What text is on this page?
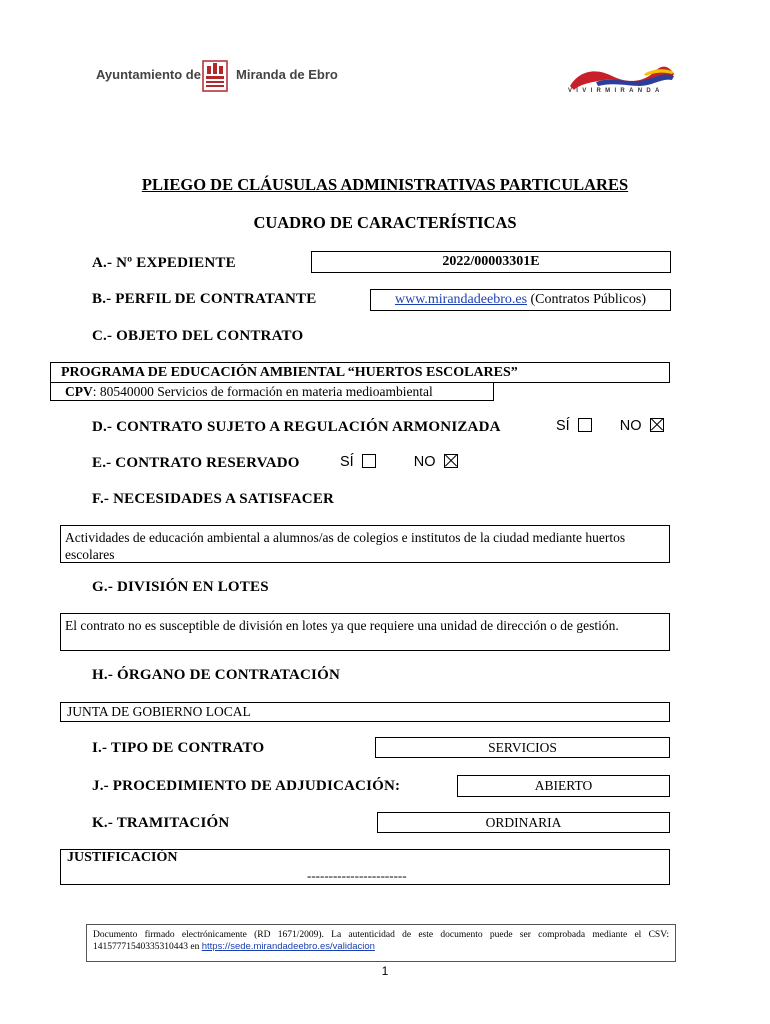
Ayuntamiento de	Miranda de Ebro
VIVIRMIRANDA
PLIEGO DE CLÁUSULAS ADMINISTRATIVAS PARTICULARES
CUADRO DE CARACTERÍSTICAS
A.- Nº EXPEDIENTE	2022/00003301E
B.- PERFIL DE CONTRATANTE	www.mirandadeebro.es (Contratos Públicos)
C.- OBJETO DEL CONTRATO
PROGRAMA DE EDUCACIÓN AMBIENTAL “HUERTOS ESCOLARES”
CPV: 80540000 Servicios de formación en materia medioambiental
D.- CONTRATO SUJETO A REGULACIÓN ARMONIZADA	SÍ	NO
E.- CONTRATO RESERVADO	SÍ	NO
F.- NECESIDADES A SATISFACER
Actividades de educación ambiental a alumnos/as de colegios e institutos de la ciudad mediante huertos escolares
G.- DIVISIÓN EN LOTES
El contrato no es susceptible de división en lotes ya que requiere una unidad de dirección o de gestión.
H.- ÓRGANO DE CONTRATACIÓN
JUNTA DE GOBIERNO LOCAL
I.- TIPO DE CONTRATO	SERVICIOS
J.- PROCEDIMIENTO DE ADJUDICACIÓN:	ABIERTO
K.- TRAMITACIÓN	ORDINARIA
JUSTIFICACIÓN
-----------------------
Documento firmado electrónicamente (RD 1671/2009). La autenticidad de este documento puede ser comprobada mediante el CSV: 14157771540335310443 en https://sede.mirandadeebro.es/validacion
1
